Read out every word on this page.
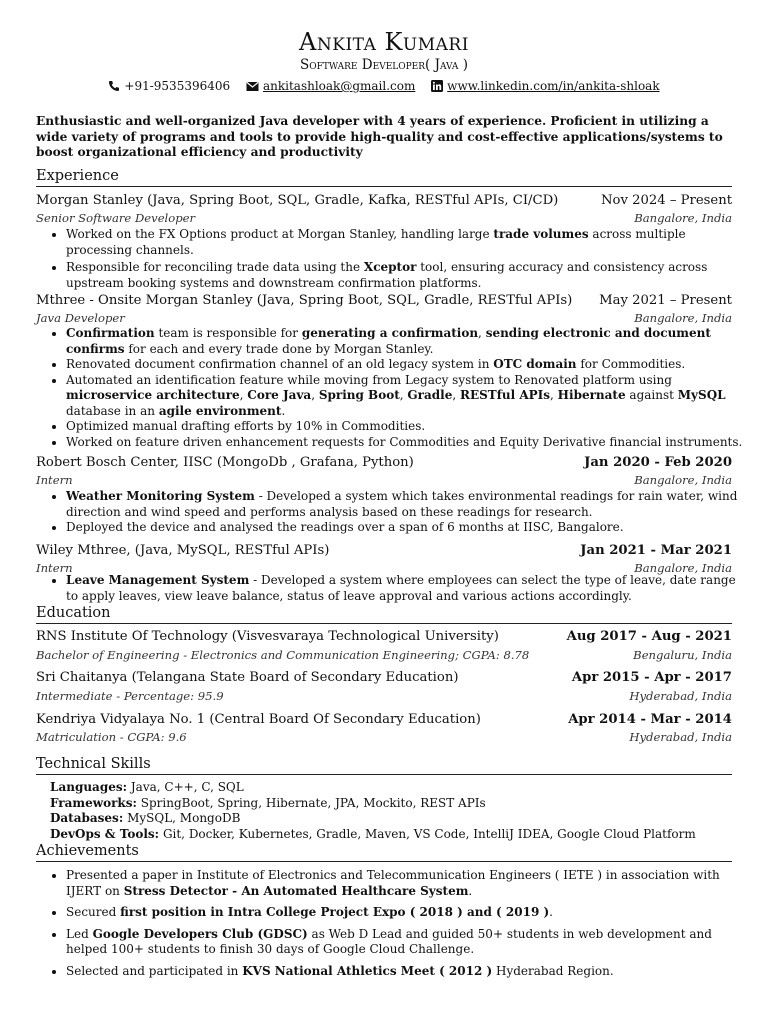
Ankita Kumari
Software Developer( Java )
+91-9535396406	ankitashloak@gmail.com	www.linkedin.com/in/ankita-shloak
Enthusiastic and well-organized Java developer with 4 years of experience. Proficient in utilizing a wide variety of programs and tools to provide high-quality and cost-effective applications/systems to boost organizational efficiency and productivity
Experience
Morgan Stanley (Java, Spring Boot, SQL, Gradle, Kafka, RESTful APIs, CI/CD)	Nov 2024 – Present
Senior Software Developer	Bangalore, India
• Worked on the FX Options product at Morgan Stanley, handling large trade volumes across multiple processing channels.
• Responsible for reconciling trade data using the Xceptor tool, ensuring accuracy and consistency across upstream booking systems and downstream confirmation platforms.
Mthree - Onsite Morgan Stanley (Java, Spring Boot, SQL, Gradle, RESTful APIs) May 2021 – Present
Java Developer	Bangalore, India
• Confirmation team is responsible for generating a confirmation, sending electronic and document confirms for each and every trade done by Morgan Stanley.
• Renovated document confirmation channel of an old legacy system in OTC domain for Commodities.
• Automated an identification feature while moving from Legacy system to Renovated platform using microservice architecture, Core Java, Spring Boot, Gradle, RESTful APIs, Hibernate against MySQL database in an agile environment.
• Optimized manual drafting efforts by 10% in Commodities.
• Worked on feature driven enhancement requests for Commodities and Equity Derivative financial instruments.
Robert Bosch Center, IISC (MongoDb , Grafana, Python)	Jan 2020 - Feb 2020
Intern	Bangalore, India
• Weather Monitoring System - Developed a system which takes environmental readings for rain water, wind direction and wind speed and performs analysis based on these readings for research.
• Deployed the device and analysed the readings over a span of 6 months at IISC, Bangalore.
Wiley Mthree, (Java, MySQL, RESTful APIs)	Jan 2021 - Mar 2021
Intern	Bangalore, India
• Leave Management System - Developed a system where employees can select the type of leave, date range to apply leaves, view leave balance, status of leave approval and various actions accordingly.
Education
RNS Institute Of Technology (Visvesvaraya Technological University)	Aug 2017 - Aug - 2021
Bachelor of Engineering - Electronics and Communication Engineering; CGPA: 8.78	Bengaluru, India
Sri Chaitanya (Telangana State Board of Secondary Education)	Apr 2015 - Apr - 2017
Intermediate - Percentage: 95.9	Hyderabad, India
Kendriya Vidyalaya No. 1 (Central Board Of Secondary Education)	Apr 2014 - Mar - 2014
Matriculation - CGPA: 9.6	Hyderabad, India
Technical Skills
Languages: Java, C++, C, SQL
Frameworks: SpringBoot, Spring, Hibernate, JPA, Mockito, REST APIs
Databases: MySQL, MongoDB
DevOps & Tools: Git, Docker, Kubernetes, Gradle, Maven, VS Code, IntelliJ IDEA, Google Cloud Platform
Achievements
• Presented a paper in Institute of Electronics and Telecommunication Engineers ( IETE ) in association with IJERT on Stress Detector - An Automated Healthcare System.
• Secured first position in Intra College Project Expo ( 2018 ) and ( 2019 ).
• Led Google Developers Club (GDSC) as Web D Lead and guided 50+ students in web development and helped 100+ students to finish 30 days of Google Cloud Challenge.
• Selected and participated in KVS National Athletics Meet ( 2012 ) Hyderabad Region.
